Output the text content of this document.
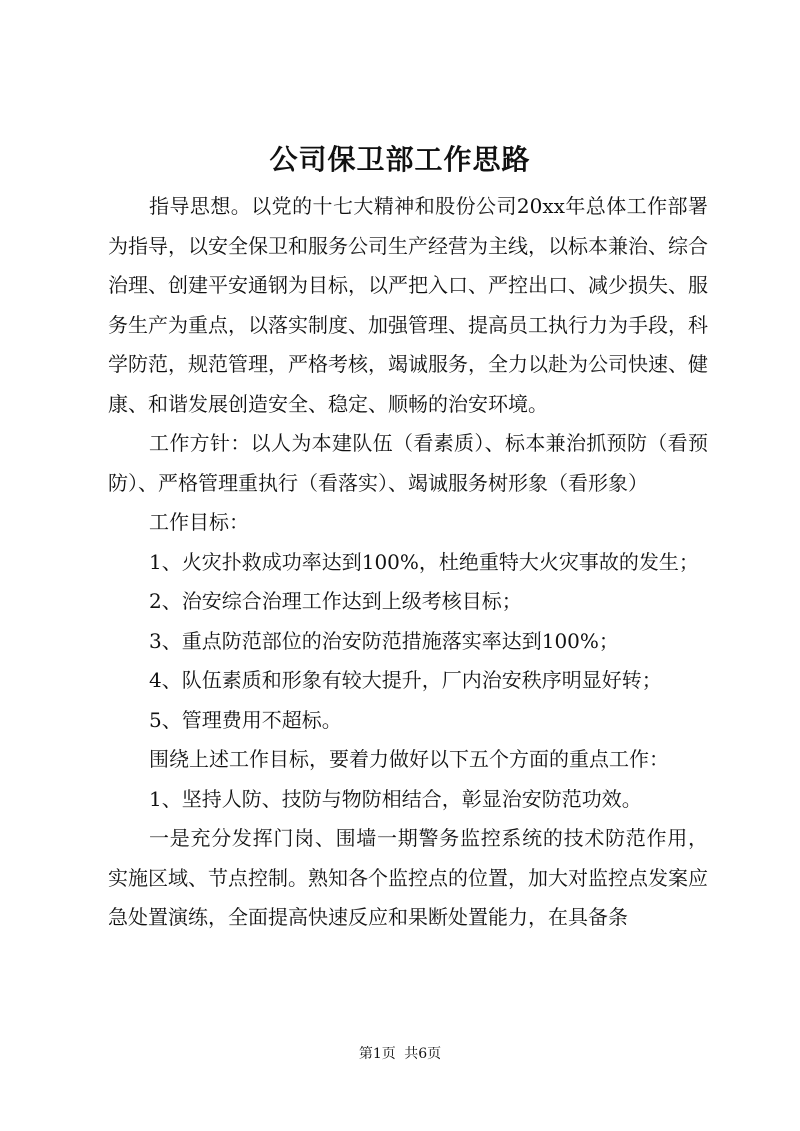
公司保卫部工作思路

指导思想。以党的十七大精神和股份公司20xx年总体工作部署为指导，以安全保卫和服务公司生产经营为主线，以标本兼治、综合治理、创建平安通钢为目标，以严把入口、严控出口、减少损失、服务生产为重点，以落实制度、加强管理、提高员工执行力为手段，科学防范，规范管理，严格考核，竭诚服务，全力以赴为公司快速、健康、和谐发展创造安全、稳定、顺畅的治安环境。

工作方针：以人为本建队伍（看素质）、标本兼治抓预防（看预防）、严格管理重执行（看落实）、竭诚服务树形象（看形象）

工作目标：

1、火灾扑救成功率达到100%，杜绝重特大火灾事故的发生；

2、治安综合治理工作达到上级考核目标；

3、重点防范部位的治安防范措施落实率达到100%；

4、队伍素质和形象有较大提升，厂内治安秩序明显好转；

5、管理费用不超标。

围绕上述工作目标，要着力做好以下五个方面的重点工作：

1、坚持人防、技防与物防相结合，彰显治安防范功效。

一是充分发挥门岗、围墙一期警务监控系统的技术防范作用，实施区域、节点控制。熟知各个监控点的位置，加大对监控点发案应急处置演练，全面提高快速反应和果断处置能力，在具备条

第1页 共6页
